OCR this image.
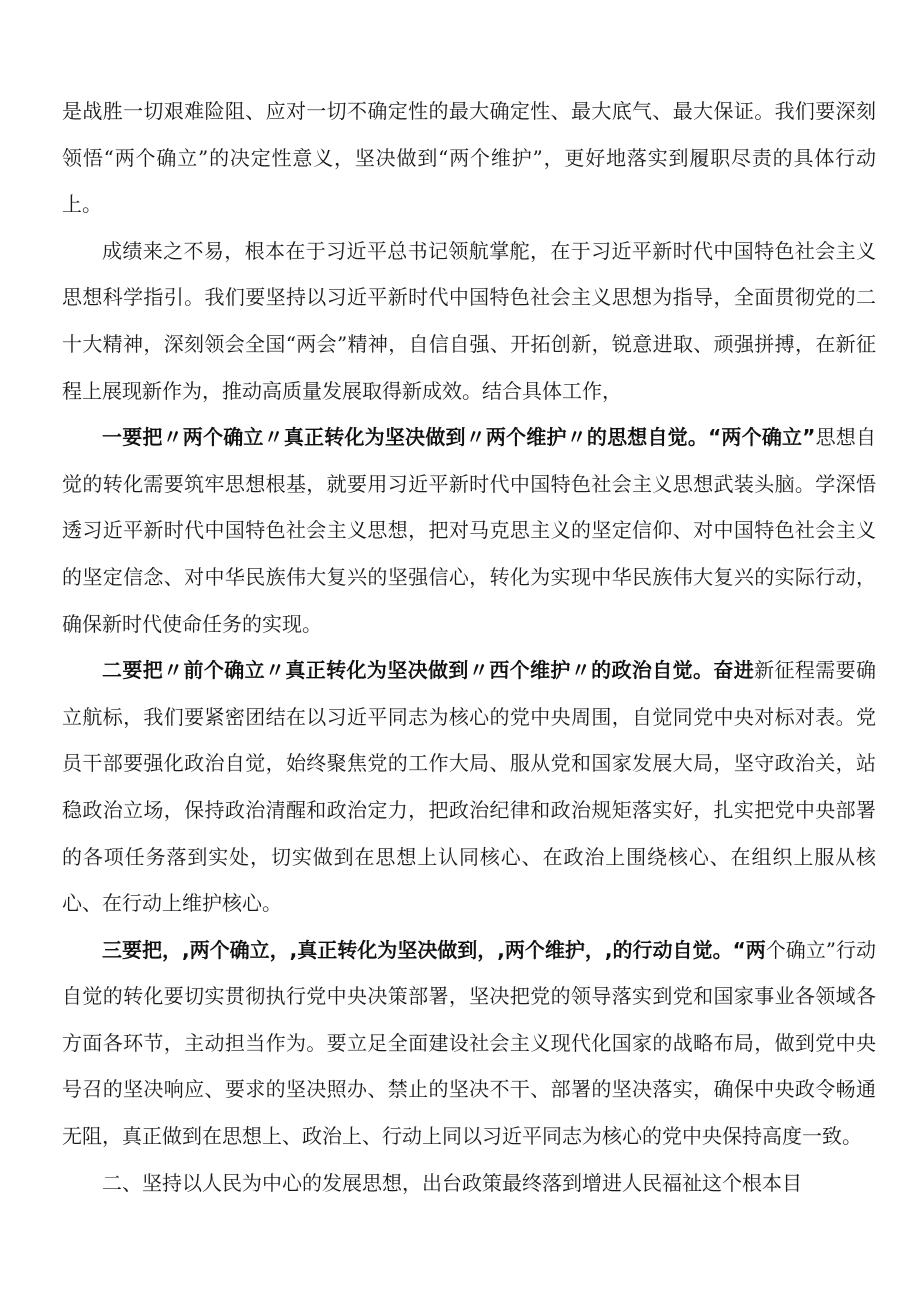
是战胜一切艰难险阻、应对一切不确定性的最大确定性、最大底气、最大保证。我们要深刻领悟“两个确立”的决定性意义，坚决做到“两个维护”，更好地落实到履职尽责的具体行动上。

成绩来之不易，根本在于习近平总书记领航掌舵，在于习近平新时代中国特色社会主义思想科学指引。我们要坚持以习近平新时代中国特色社会主义思想为指导，全面贯彻党的二十大精神，深刻领会全国“两会”精神，自信自强、开拓创新，锐意进取、顽强拼搏，在新征程上展现新作为，推动高质量发展取得新成效。结合具体工作，

一要把〃两个确立〃真正转化为坚决做到〃两个维护〃的思想自觉。“两个确立”思想自觉的转化需要筑牢思想根基，就要用习近平新时代中国特色社会主义思想武装头脑。学深悟透习近平新时代中国特色社会主义思想，把对马克思主义的坚定信仰、对中国特色社会主义的坚定信念、对中华民族伟大复兴的坚强信心，转化为实现中华民族伟大复兴的实际行动，确保新时代使命任务的实现。

二要把〃前个确立〃真正转化为坚决做到〃西个维护〃的政治自觉。奋进新征程需要确立航标，我们要紧密团结在以习近平同志为核心的党中央周围，自觉同党中央对标对表。党员干部要强化政治自觉，始终聚焦党的工作大局、服从党和国家发展大局，坚守政治关，站稳政治立场，保持政治清醒和政治定力，把政治纪律和政治规矩落实好，扎实把党中央部署的各项任务落到实处，切实做到在思想上认同核心、在政治上围绕核心、在组织上服从核心、在行动上维护核心。

三要把，,两个确立，,真正转化为坚决做到，,两个维护，,的行动自觉。“两个确立”行动自觉的转化要切实贯彻执行党中央决策部署，坚决把党的领导落实到党和国家事业各领域各方面各环节，主动担当作为。要立足全面建设社会主义现代化国家的战略布局，做到党中央号召的坚决响应、要求的坚决照办、禁止的坚决不干、部署的坚决落实，确保中央政令畅通无阻，真正做到在思想上、政治上、行动上同以习近平同志为核心的党中央保持高度一致。

二、坚持以人民为中心的发展思想，出台政策最终落到增进人民福祉这个根本目
